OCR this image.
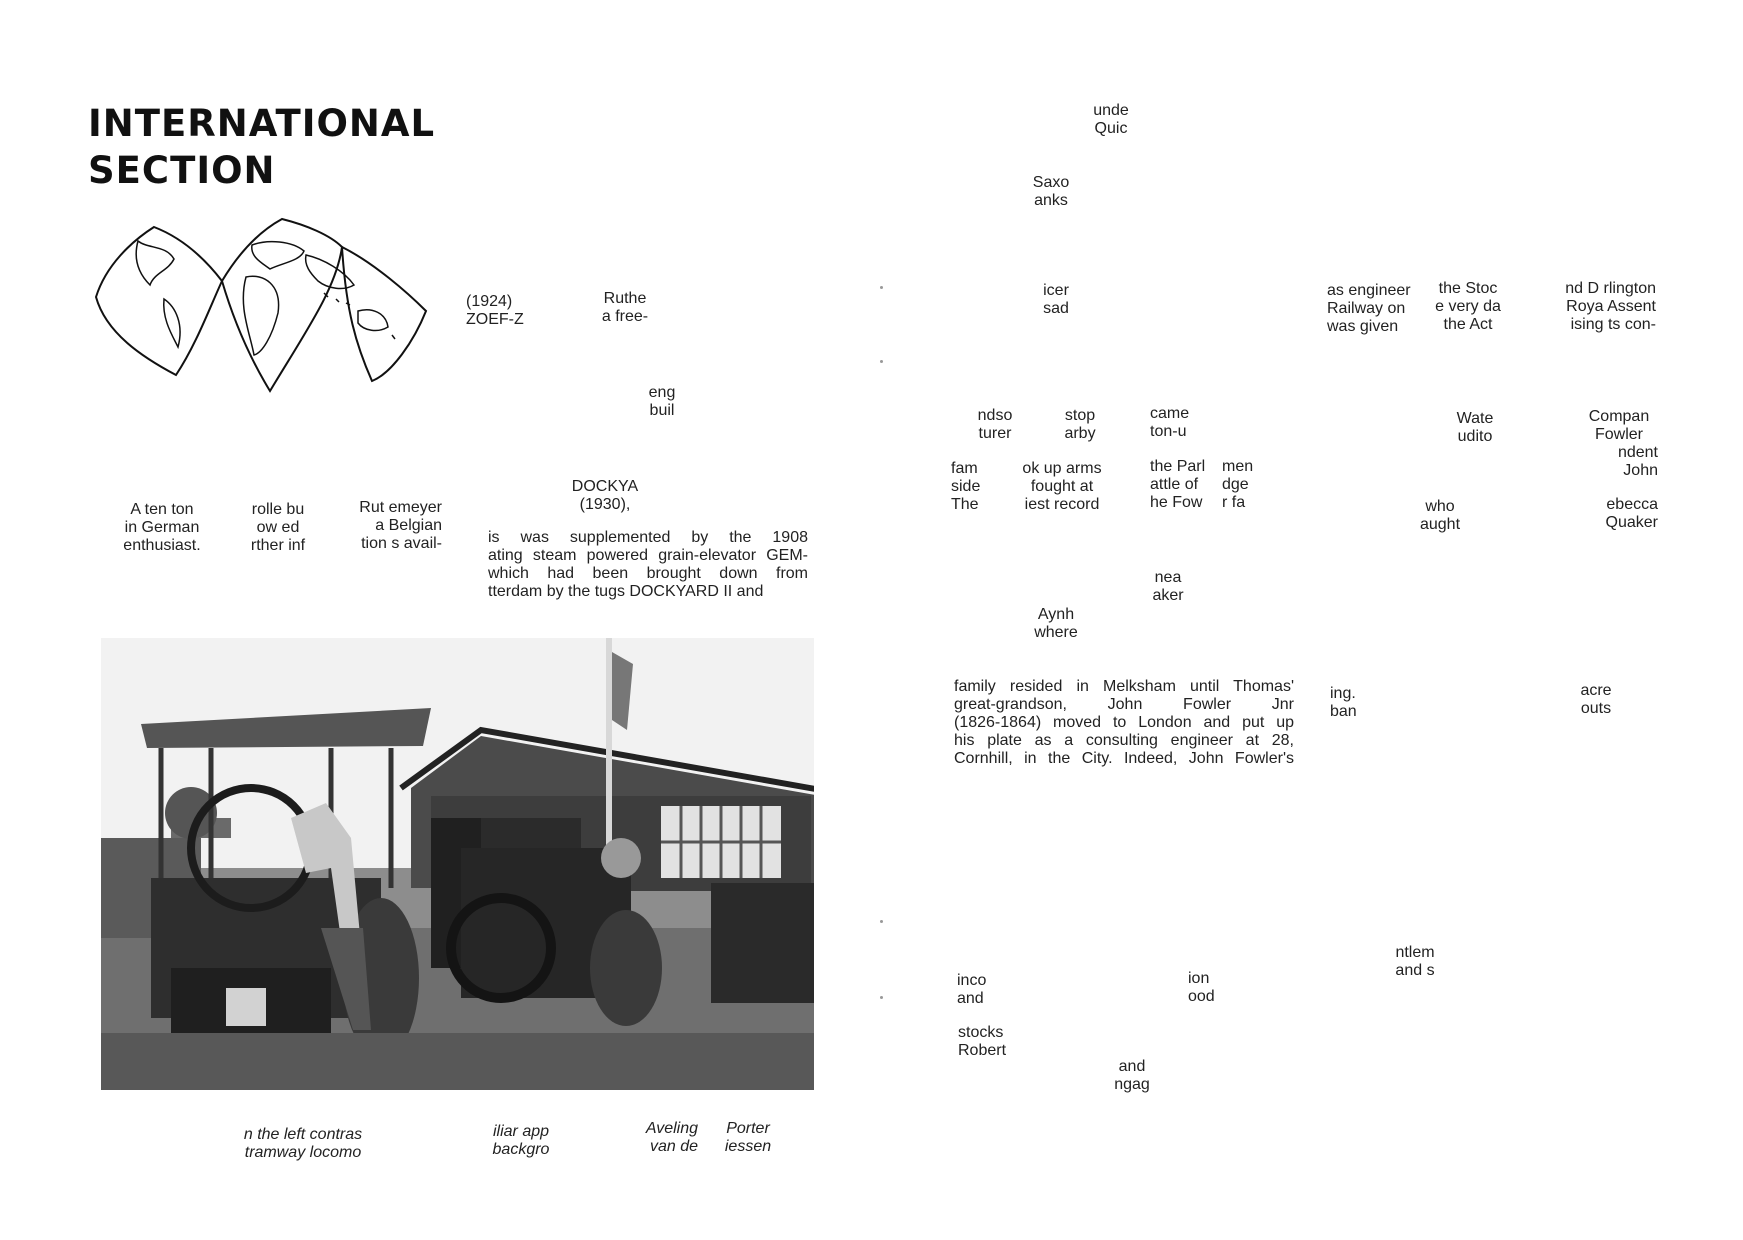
INTERNATIONAL
SECTION
A ten ton
in German
enthusiast.
rolle bu
ow ed
rther inf
Rut emeyer
a Belgian
tion s avail-
(1924)
ZOEF-Z
Ruthe
a free-
eng
buil
DOCKYA
(1930),
is was supplemented by the 1908
ating steam powered grain-elevator GEM-
which had been brought down from
tterdam by the tugs DOCKYARD II and
n the left contras
tramway locomo
iliar app
backgro
Aveling
van de
Porter
iessen
unde
Quic
Saxo
anks
icer
sad
as engineer
Railway on
was given
the Stoc
e very da
the Act
nd D rlington
Roya Assent
ising ts con-
ndso
turer
stop
arby
came
ton-u
Wate
udito
Compan
Fowler
ndent
John
fam
side
The
ok up arms
fought at
iest record
the Parl
attle of
he Fow
men
dge
r fa	who
aught
ebecca
Quaker
nea
aker
Aynh
where
family resided in Melksham until Thomas'
great-grandson, John Fowler Jnr
(1826-1864) moved to London and put up
his plate as a consulting engineer at 28,
Cornhill, in the City. Indeed, John Fowler's
ing.
ban
acre
outs
ntlem
and s
inco
and
ion
ood
stocks
Robert
and
ngag
